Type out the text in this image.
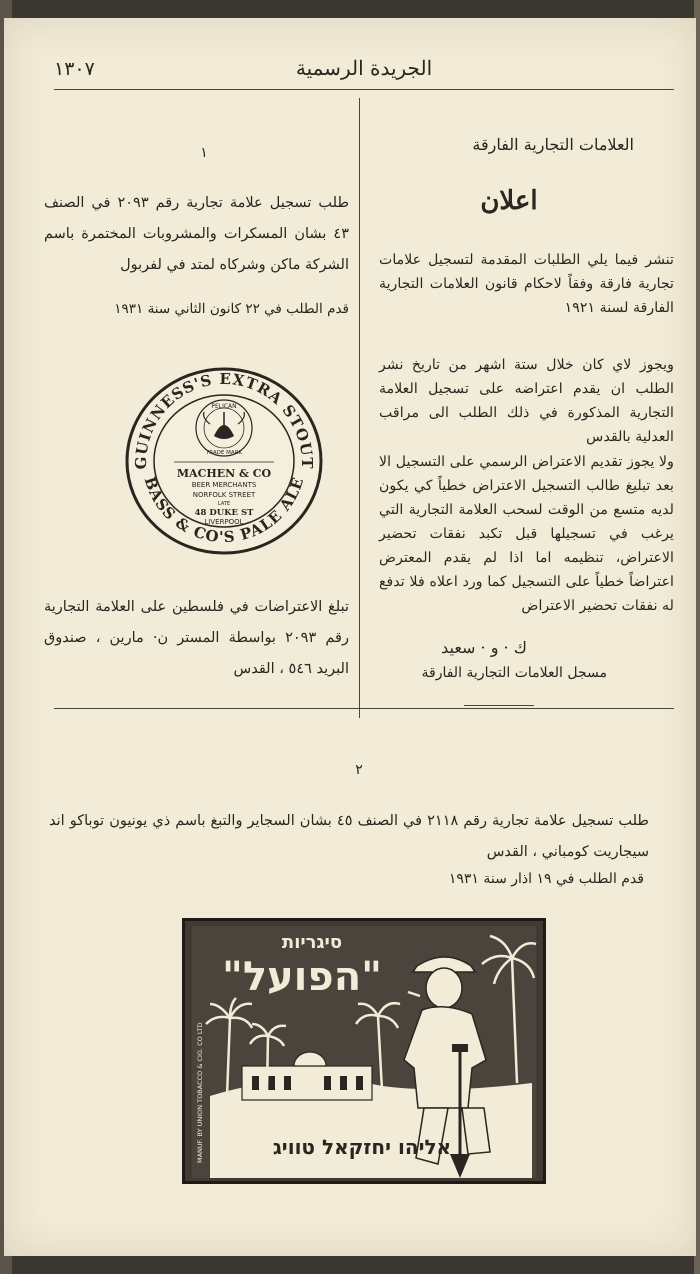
١٣٠٧	الجريدة الرسمية
العلامات التجارية الفارقة
اعلان
تنشر فيما يلي الطلبات المقدمة لتسجيل علامات تجارية فارقة وفقاً لاحكام قانون العلامات التجارية الفارقة لسنة ١٩٢١
ويجوز لاي كان خلال ستة اشهر من تاريخ نشر الطلب ان يقدم اعتراضه على تسجيل العلامة التجارية المذكورة في ذلك الطلب الى مراقب العدلية بالقدس
ولا يجوز تقديم الاعتراض الرسمي على التسجيل الا بعد تبليغ طالب التسجيل الاعتراض خطياً كي يكون لديه متسع من الوقت لسحب العلامة التجارية التي يرغب في تسجيلها قبل تكبد نفقات تحضير الاعتراض، تنظيمه اما اذا لم يقدم المعترض اعتراضاً خطياً على التسجيل كما ورد اعلاه فلا تدفع له نفقات تحضير الاعتراض
ك · و · سعيد
مسجل العلامات التجارية الفارقة
١
طلب تسجيل علامة تجارية رقم ٢٠٩٣ في الصنف ٤٣ بشان المسكرات والمشروبات المختمرة باسم الشركة ماكن وشركاه لمتد في لفربول
قدم الطلب في ٢٢ كانون الثاني سنة ١٩٣١
GUINNESS'S EXTRA STOUT
BASS & CO'S PALE ALE
PELICAN
TRADE MARK
MACHEN & CO
BEER MERCHANTS
NORFOLK STREET
LATE
48 DUKE ST
LIVERPOOL
تبلغ الاعتراضات في فلسطين على العلامة التجارية رقم ٢٠٩٣ بواسطة المستر ن· مارين ، صندوق البريد ٥٤٦ ، القدس
٢
طلب تسجيل علامة تجارية رقم ٢١١٨ في الصنف ٤٥ بشان السجاير والتبغ باسم ذي يونيون توباكو اند سيجاريت كومباني ، القدس
قدم الطلب في ١٩ اذار سنة ١٩٣١
סיגריות
"הפועל"
MANUF. BY UNION TOBACCO & CIG. CO LTD	אליהו יחזקאל טוויג
